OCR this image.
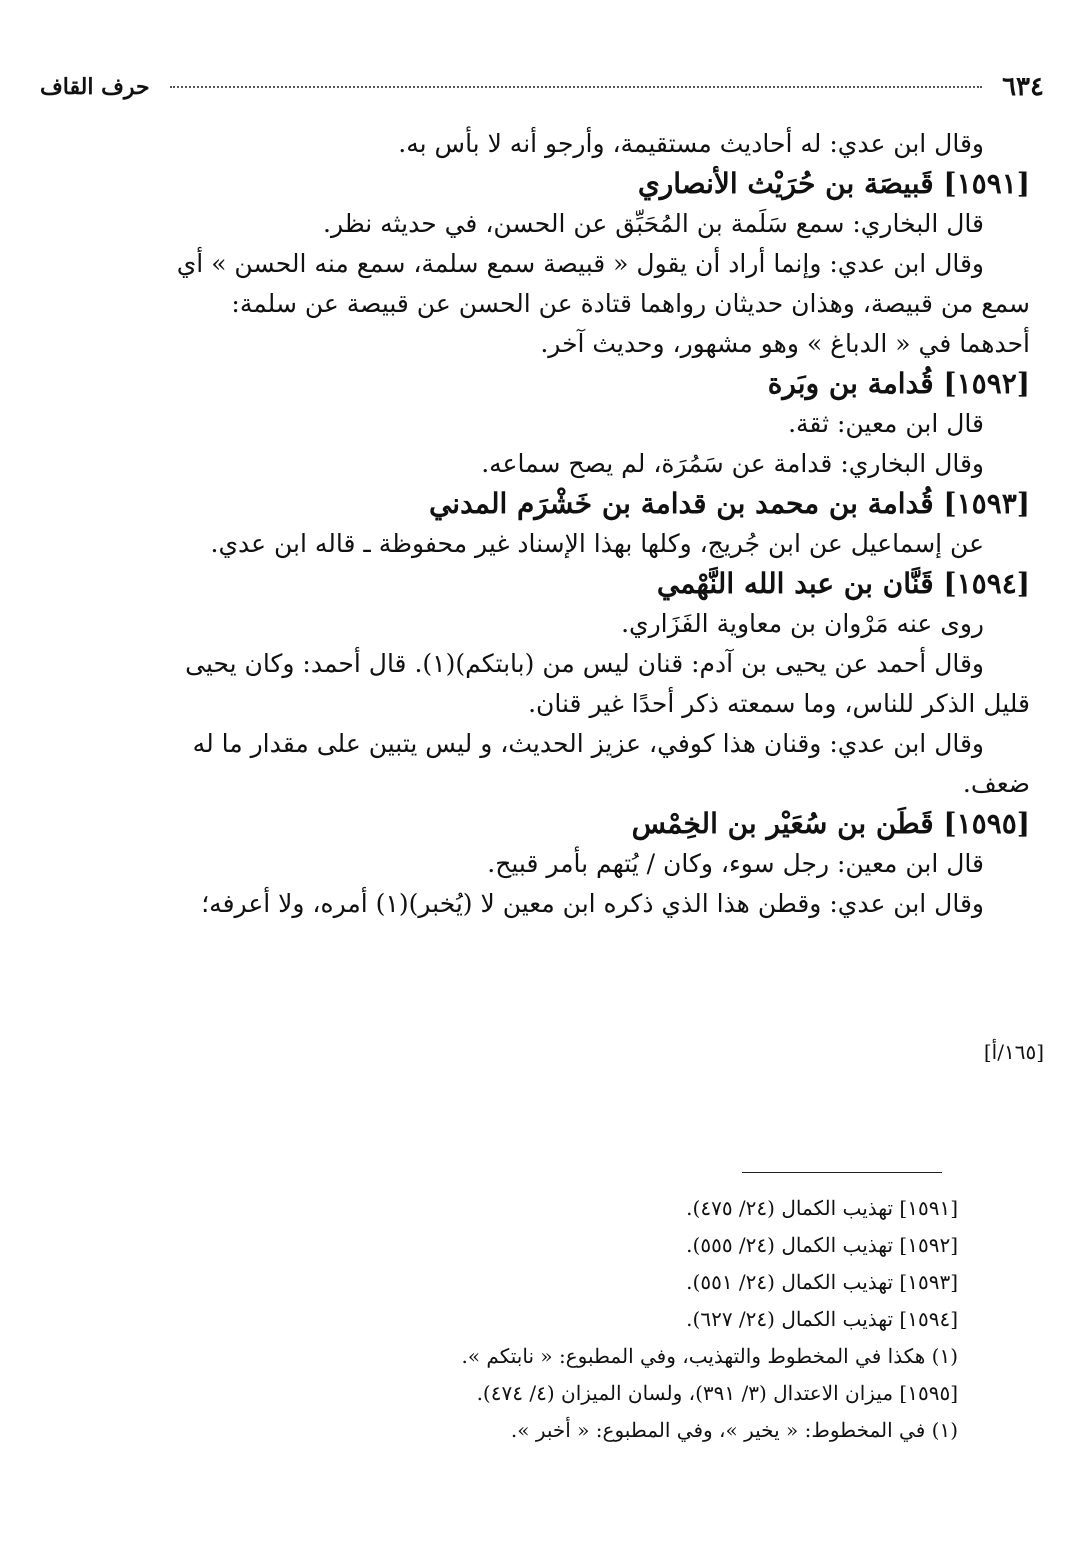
٦٣٤
حرف القاف
وقال ابن عدي: له أحاديث مستقيمة، وأرجو أنه لا بأس به.
[١٥٩١] قَبيصَة بن حُرَيْث الأنصاري
قال البخاري: سمع سَلَمة بن المُحَبِّق عن الحسن، في حديثه نظر.
وقال ابن عدي: وإنما أراد أن يقول « قبيصة سمع سلمة، سمع منه الحسن » أي
سمع من قبيصة، وهذان حديثان رواهما قتادة عن الحسن عن قبيصة عن سلمة:
أحدهما في « الدباغ » وهو مشهور، وحديث آخر.
[١٥٩٢] قُدامة بن وبَرة
قال ابن معين: ثقة.
وقال البخاري: قدامة عن سَمُرَة، لم يصح سماعه.
[١٥٩٣] قُدامة بن محمد بن قدامة بن خَشْرَم المدني
عن إسماعيل عن ابن جُريج، وكلها بهذا الإسناد غير محفوظة ـ قاله ابن عدي.
[١٥٩٤] قَنَّان بن عبد الله النَّهْمي
روى عنه مَرْوان بن معاوية الفَزَاري.
وقال أحمد عن يحيى بن آدم: قنان ليس من (بابتكم)(١). قال أحمد: وكان يحيى
قليل الذكر للناس، وما سمعته ذكر أحدًا غير قنان.
وقال ابن عدي: وقنان هذا كوفي، عزيز الحديث، و ليس يتبين على مقدار ما له
ضعف.
[١٥٩٥] قَطَن بن سُعَيْر بن الخِمْس
قال ابن معين: رجل سوء، وكان / يُتهم بأمر قبيح.
وقال ابن عدي: وقطن هذا الذي ذكره ابن معين لا (يُخبر)(١) أمره، ولا أعرفه؛
[١٦٥/أ]
[١٥٩١] تهذيب الكمال (٢٤/ ٤٧٥).
[١٥٩٢] تهذيب الكمال (٢٤/ ٥٥٥).
[١٥٩٣] تهذيب الكمال (٢٤/ ٥٥١).
[١٥٩٤] تهذيب الكمال (٢٤/ ٦٢٧).
(١) هكذا في المخطوط والتهذيب، وفي المطبوع: « نابتكم ».
[١٥٩٥] ميزان الاعتدال (٣/ ٣٩١)، ولسان الميزان (٤/ ٤٧٤).
(١) في المخطوط: « يخير »، وفي المطبوع: « أخبر ».
